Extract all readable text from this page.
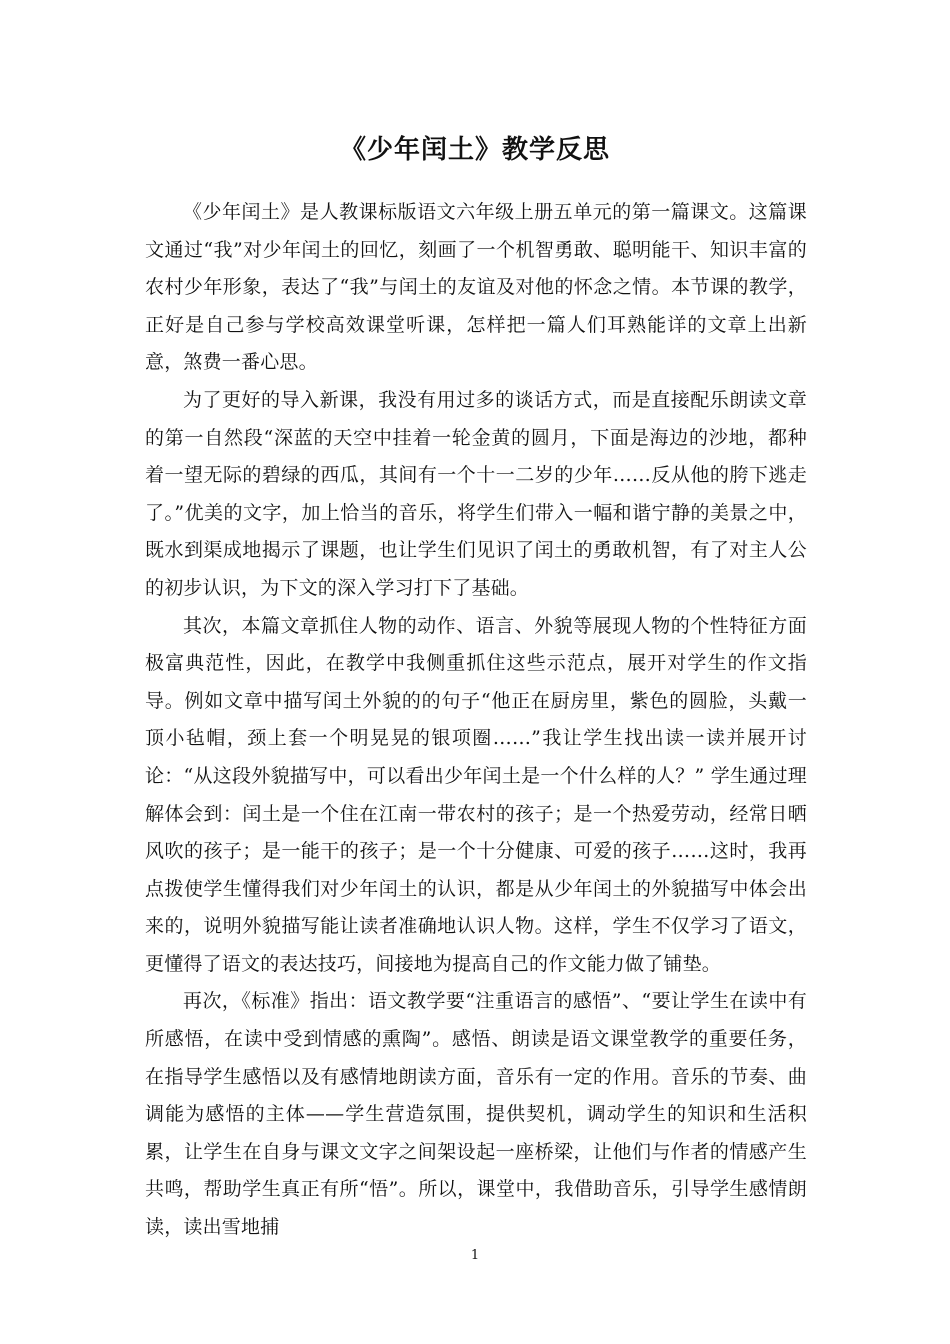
《少年闰土》教学反思

《少年闰土》是人教课标版语文六年级上册五单元的第一篇课文。这篇课文通过“我”对少年闰土的回忆，刻画了一个机智勇敢、聪明能干、知识丰富的农村少年形象，表达了“我”与闰土的友谊及对他的怀念之情。本节课的教学，正好是自己参与学校高效课堂听课，怎样把一篇人们耳熟能详的文章上出新意，煞费一番心思。

为了更好的导入新课，我没有用过多的谈话方式，而是直接配乐朗读文章的第一自然段“深蓝的天空中挂着一轮金黄的圆月，下面是海边的沙地，都种着一望无际的碧绿的西瓜，其间有一个十一二岁的少年……反从他的胯下逃走了。”优美的文字，加上恰当的音乐，将学生们带入一幅和谐宁静的美景之中，既水到渠成地揭示了课题，也让学生们见识了闰土的勇敢机智，有了对主人公的初步认识，为下文的深入学习打下了基础。

其次，本篇文章抓住人物的动作、语言、外貌等展现人物的个性特征方面极富典范性，因此，在教学中我侧重抓住这些示范点，展开对学生的作文指导。例如文章中描写闰土外貌的的句子“他正在厨房里，紫色的圆脸，头戴一顶小毡帽，颈上套一个明晃晃的银项圈……”我让学生找出读一读并展开讨论：“从这段外貌描写中，可以看出少年闰土是一个什么样的人？” 学生通过理解体会到：闰土是一个住在江南一带农村的孩子；是一个热爱劳动，经常日晒风吹的孩子；是一能干的孩子；是一个十分健康、可爱的孩子……这时，我再点拨使学生懂得我们对少年闰土的认识，都是从少年闰土的外貌描写中体会出来的，说明外貌描写能让读者准确地认识人物。这样，学生不仅学习了语文，更懂得了语文的表达技巧，间接地为提高自己的作文能力做了铺垫。

再次，《标准》指出：语文教学要“注重语言的感悟”、“要让学生在读中有所感悟，在读中受到情感的熏陶”。感悟、朗读是语文课堂教学的重要任务，在指导学生感悟以及有感情地朗读方面，音乐有一定的作用。音乐的节奏、曲调能为感悟的主体——学生营造氛围，提供契机，调动学生的知识和生活积累，让学生在自身与课文文字之间架设起一座桥梁，让他们与作者的情感产生共鸣，帮助学生真正有所“悟”。所以，课堂中，我借助音乐，引导学生感情朗读，读出雪地捕

1
